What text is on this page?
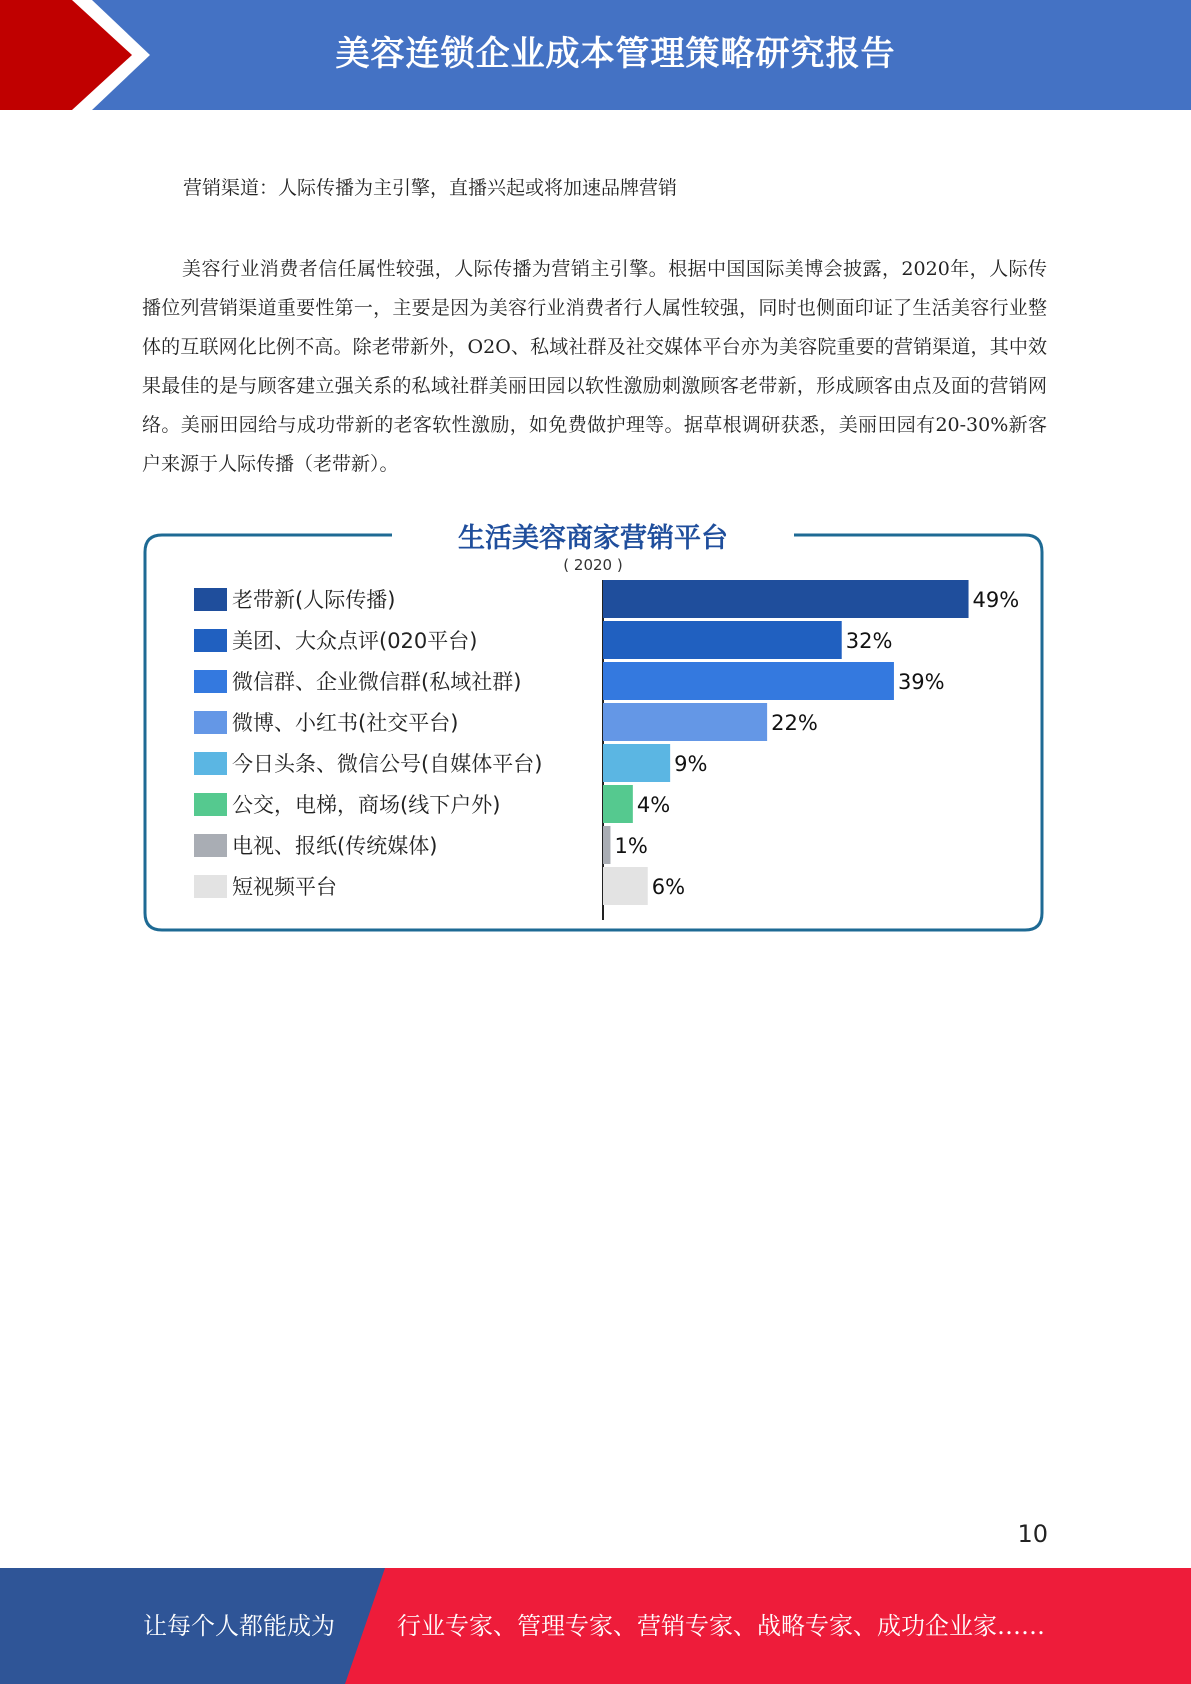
美容连锁企业成本管理策略研究报告
营销渠道：人际传播为主引擎，直播兴起或将加速品牌营销

美容行业消费者信任属性较强，人际传播为营销主引擎。根据中国国际美博会披露，2020年，人际传播位列营销渠道重要性第一，主要是因为美容行业消费者行人属性较强，同时也侧面印证了生活美容行业整体的互联网化比例不高。除老带新外，O2O、私域社群及社交媒体平台亦为美容院重要的营销渠道，其中效果最佳的是与顾客建立强关系的私域社群美丽田园以软性激励刺激顾客老带新，形成顾客由点及面的营销网络。美丽田园给与成功带新的老客软性激励，如免费做护理等。据草根调研获悉，美丽田园有20-30%新客户来源于人际传播（老带新）。

生活美容商家营销平台
( 2020 )
老带新(人际传播)	49%
美团、大众点评(020平台)	32%
微信群、企业微信群(私域社群)	39%
微博、小红书(社交平台)	22%
今日头条、微信公号(自媒体平台)	9%
公交，电梯，商场(线下户外)	4%
电视、报纸(传统媒体)	1%
短视频平台	6%
10
让每个人都能成为	行业专家、管理专家、营销专家、战略专家、成功企业家……
